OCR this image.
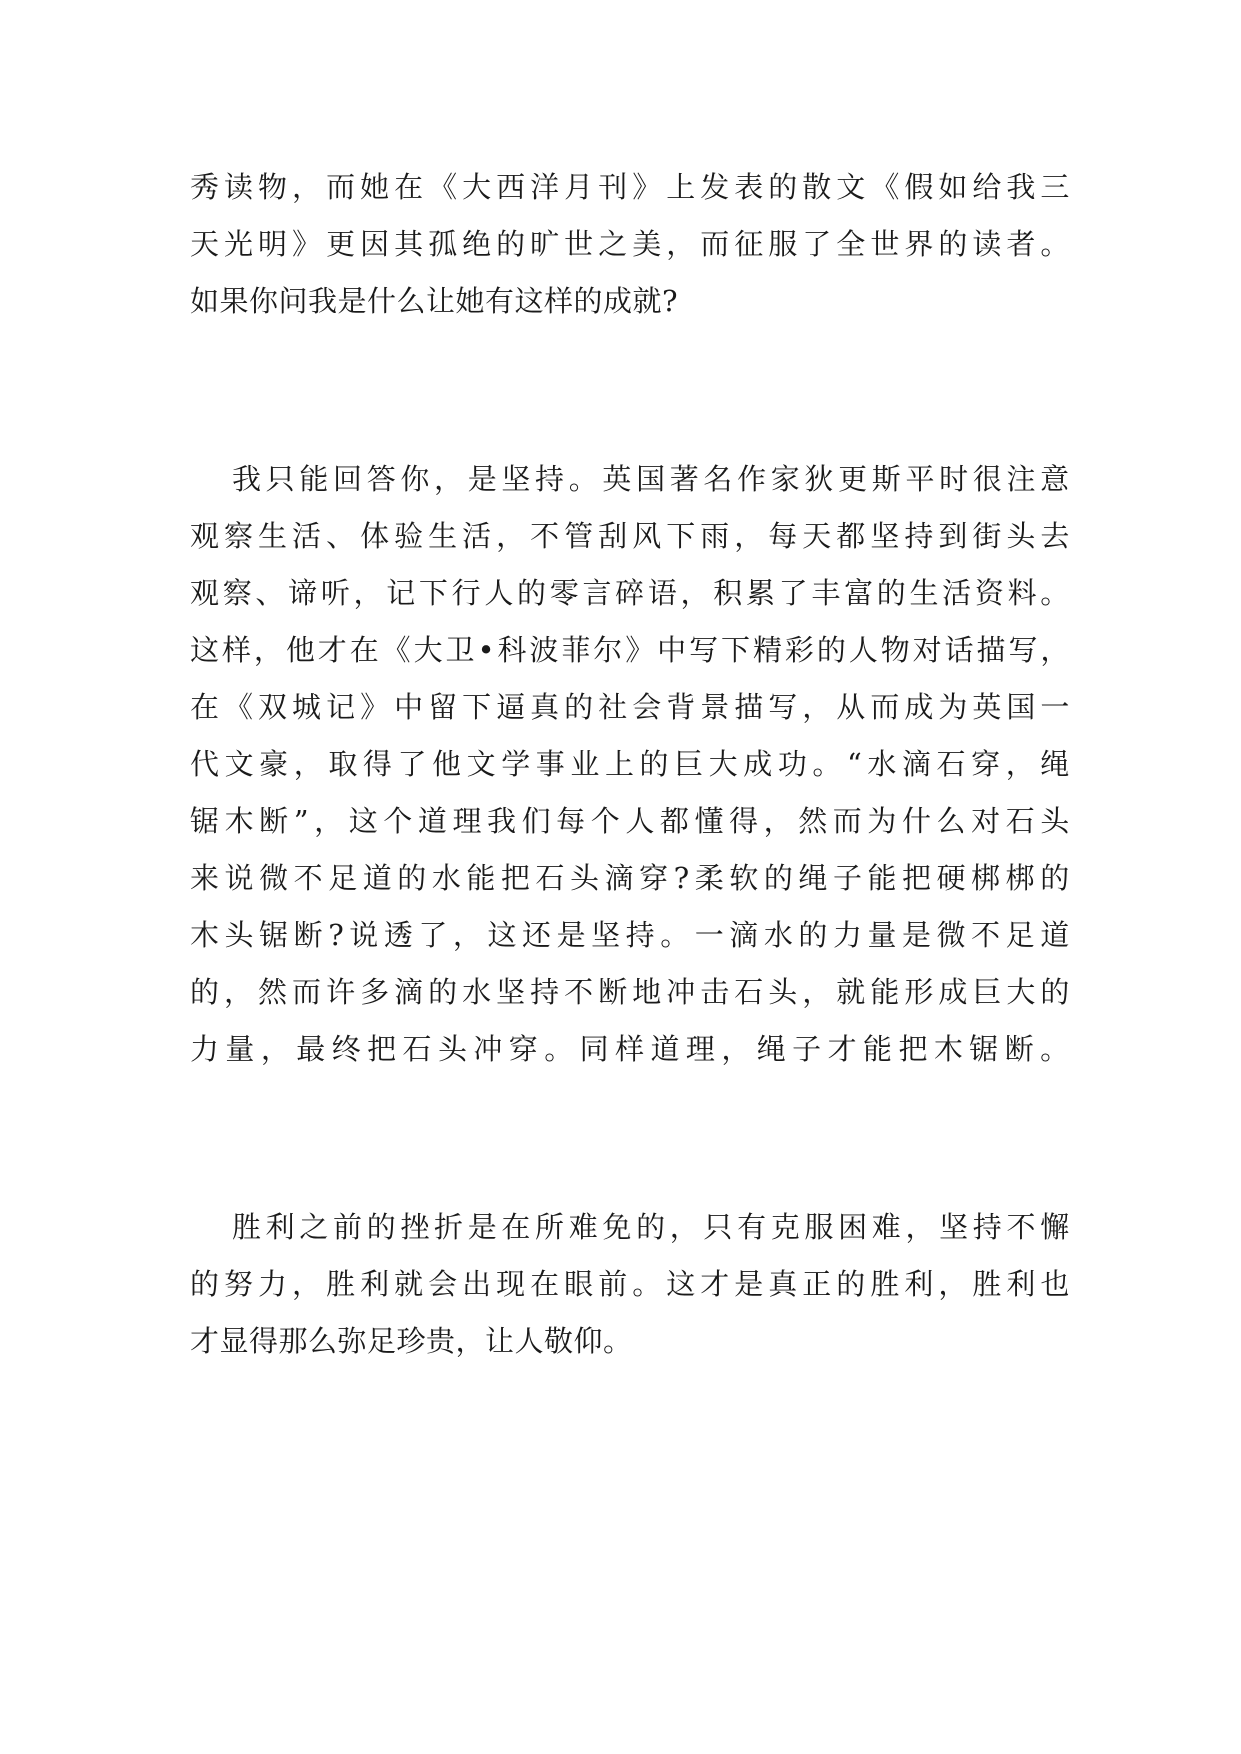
秀 读 物 ， 而 她 在 《 大 西 洋 月 刊 》 上 发 表 的 散 文 《 假 如 给 我 三
天 光 明 》 更 因 其 孤 绝 的 旷 世 之 美 ， 而 征 服 了 全 世 界 的 读 者 。
如果你问我是什么让她有这样的成就?
我 只 能 回 答 你 ， 是 坚 持 。 英 国 著 名 作 家 狄 更 斯 平 时 很 注 意
观 察 生 活 、 体 验 生 活 ， 不 管 刮 风 下 雨 ， 每 天 都 坚 持 到 街 头 去
观 察 、 谛 听 ， 记 下 行 人 的 零 言 碎 语 ， 积 累 了 丰 富 的 生 活 资 料 。
这 样 ， 他 才 在 《 大 卫 • 科 波 菲 尔 》 中 写 下 精 彩 的 人 物 对 话 描 写 ，
在 《 双 城 记 》 中 留 下 逼 真 的 社 会 背 景 描 写 ， 从 而 成 为 英 国 一
代 文 豪 ， 取 得 了 他 文 学 事 业 上 的 巨 大 成 功 。 “ 水 滴 石 穿 ， 绳
锯 木 断 ” ， 这 个 道 理 我 们 每 个 人 都 懂 得 ， 然 而 为 什 么 对 石 头
来 说 微 不 足 道 的 水 能 把 石 头 滴 穿 ? 柔 软 的 绳 子 能 把 硬 梆 梆 的
木 头 锯 断 ? 说 透 了 ， 这 还 是 坚 持 。 一 滴 水 的 力 量 是 微 不 足 道
的 ， 然 而 许 多 滴 的 水 坚 持 不 断 地 冲 击 石 头 ， 就 能 形 成 巨 大 的
力 量 ， 最 终 把 石 头 冲 穿 。 同 样 道 理 ， 绳 子 才 能 把 木 锯 断 。
胜 利 之 前 的 挫 折 是 在 所 难 免 的 ， 只 有 克 服 困 难 ， 坚 持 不 懈
的 努 力 ， 胜 利 就 会 出 现 在 眼 前 。 这 才 是 真 正 的 胜 利 ， 胜 利 也
才显得那么弥足珍贵，让人敬仰。
